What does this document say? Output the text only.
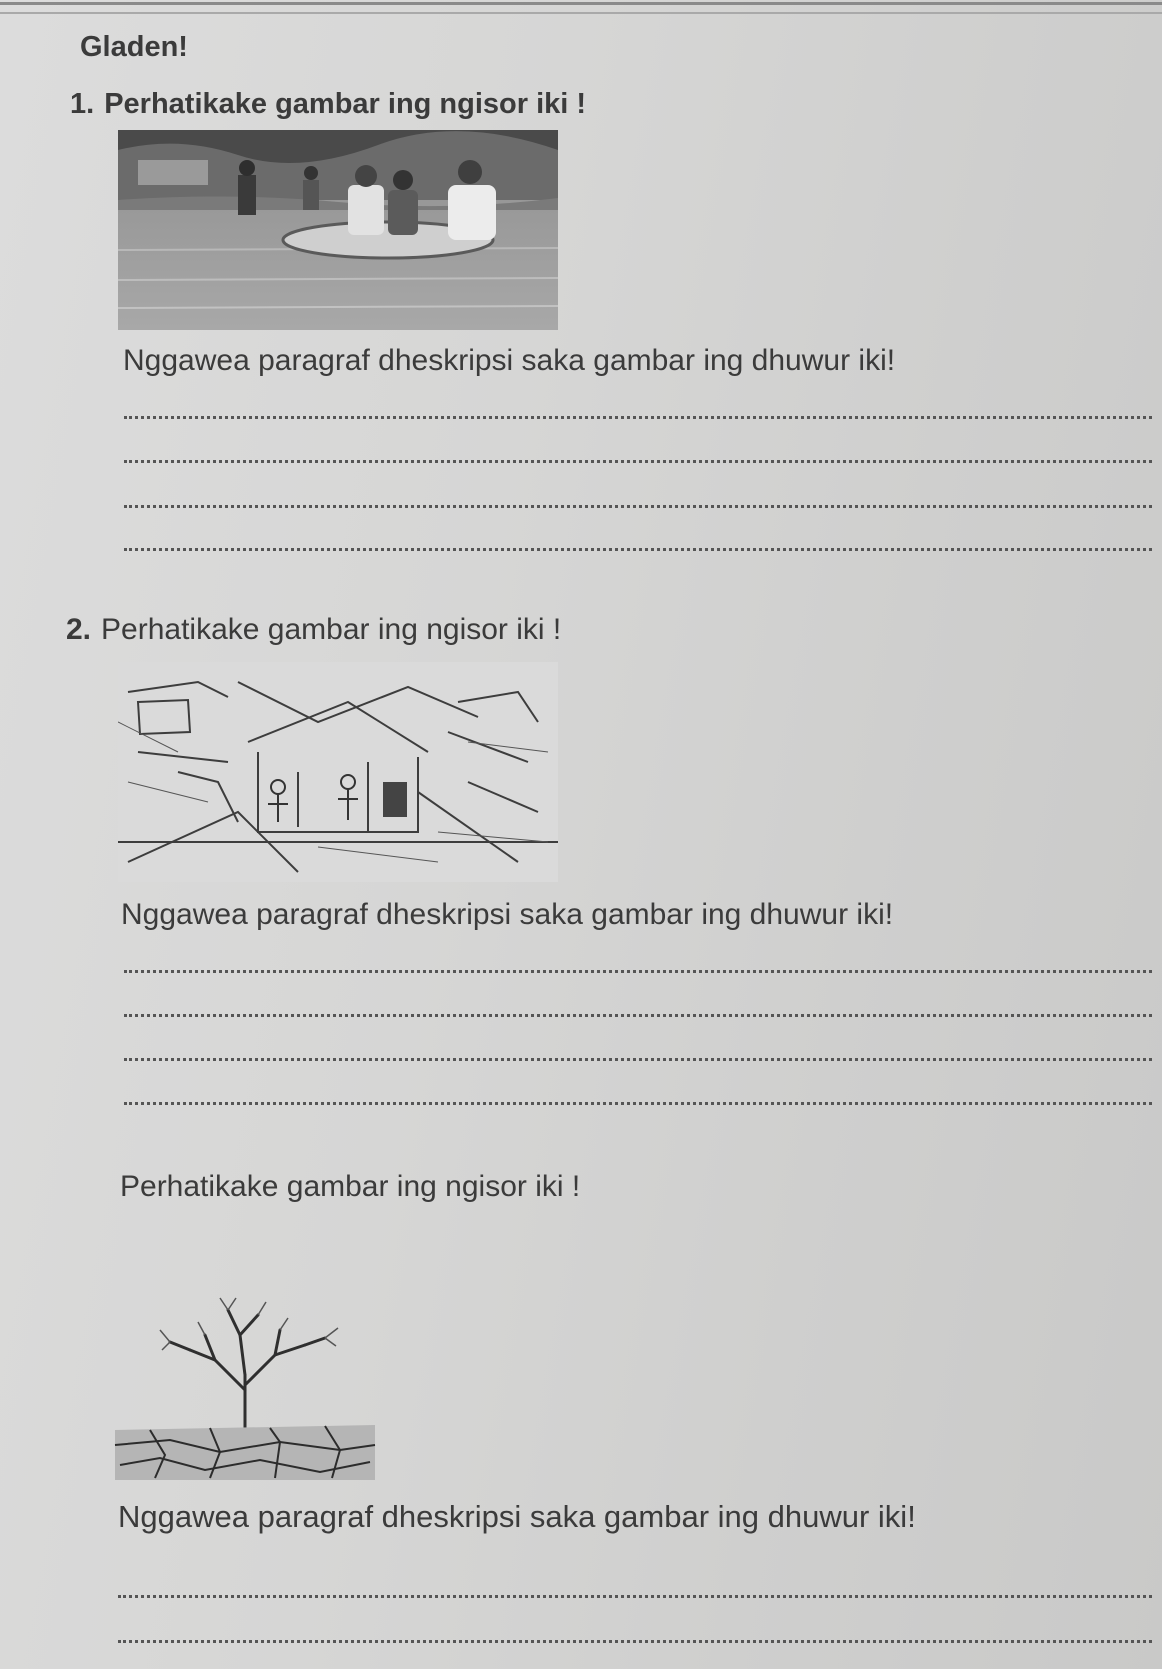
Gladen!
1. Perhatikake gambar ing ngisor iki !
Nggawea paragraf dheskripsi saka gambar ing dhuwur iki!
2. Perhatikake gambar ing ngisor iki !
Nggawea paragraf dheskripsi saka gambar ing dhuwur iki!
Perhatikake gambar ing ngisor iki !
Nggawea paragraf dheskripsi saka gambar ing dhuwur iki!
